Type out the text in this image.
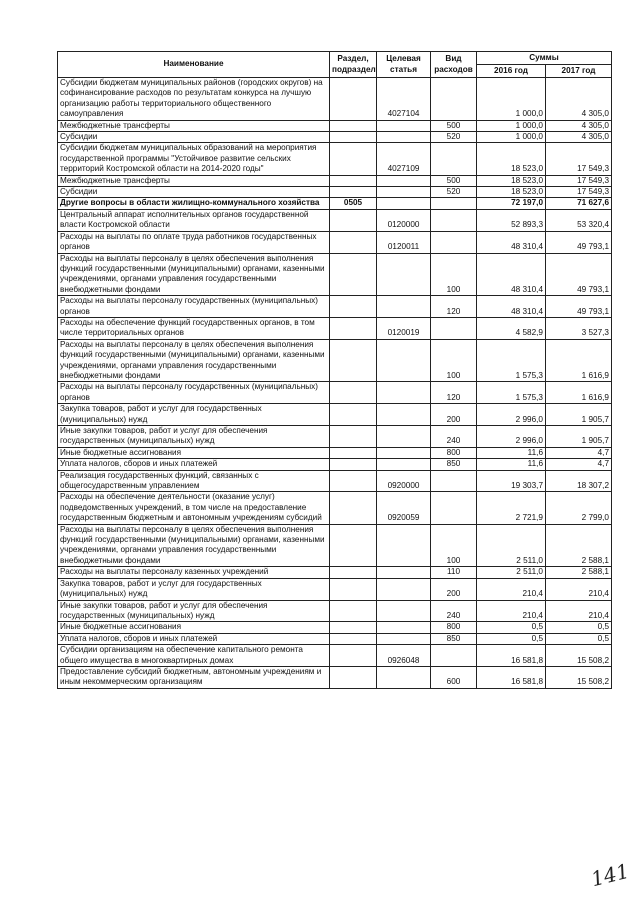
Наименование	Раздел, подраздел	Целевая статья	Вид расходов	Суммы	
				2016 год	2017 год
Субсидии бюджетам муниципальных районов (городских округов) на софинансирование расходов по результатам конкурса на лучшую организацию работы территориального общественного самоуправления		4027104		1 000,0	4 305,0
Межбюджетные трансферты			500	1 000,0	4 305,0
Субсидии			520	1 000,0	4 305,0
Субсидии бюджетам муниципальных образований на мероприятия государственной программы "Устойчивое развитие сельских территорий Костромской области на 2014-2020 годы"		4027109		18 523,0	17 549,3
Межбюджетные трансферты			500	18 523,0	17 549,3
Субсидии			520	18 523,0	17 549,3
Другие вопросы в области жилищно-коммунального хозяйства	0505			72 197,0	71 627,6
Центральный аппарат исполнительных органов государственной власти Костромской области		0120000		52 893,3	53 320,4
Расходы на выплаты по оплате труда работников государственных органов		0120011		48 310,4	49 793,1
Расходы на выплаты персоналу в целях обеспечения выполнения функций государственными (муниципальными) органами, казенными учреждениями, органами управления государственными внебюджетными фондами			100	48 310,4	49 793,1
Расходы на выплаты персоналу государственных (муниципальных) органов			120	48 310,4	49 793,1
Расходы на обеспечение функций государственных органов, в том числе территориальных органов		0120019		4 582,9	3 527,3
Расходы на выплаты персоналу в целях обеспечения выполнения функций государственными (муниципальными) органами, казенными учреждениями, органами управления государственными внебюджетными фондами			100	1 575,3	1 616,9
Расходы на выплаты персоналу государственных (муниципальных) органов			120	1 575,3	1 616,9
Закупка товаров, работ и услуг для государственных (муниципальных) нужд			200	2 996,0	1 905,7
Иные закупки товаров, работ и услуг для обеспечения государственных (муниципальных) нужд			240	2 996,0	1 905,7
Иные бюджетные ассигнования			800	11,6	4,7
Уплата налогов, сборов и иных платежей			850	11,6	4,7
Реализация государственных функций, связанных с общегосударственным управлением		0920000		19 303,7	18 307,2
Расходы на обеспечение деятельности (оказание услуг) подведомственных учреждений, в том числе на предоставление государственным бюджетным и автономным учреждениям субсидий		0920059		2 721,9	2 799,0
Расходы на выплаты персоналу в целях обеспечения выполнения функций государственными (муниципальными) органами, казенными учреждениями, органами управления государственными внебюджетными фондами			100	2 511,0	2 588,1
Расходы на выплаты персоналу казенных учреждений			110	2 511,0	2 588,1
Закупка товаров, работ и услуг для государственных (муниципальных) нужд			200	210,4	210,4
Иные закупки товаров, работ и услуг для обеспечения государственных (муниципальных) нужд			240	210,4	210,4
Иные бюджетные ассигнования			800	0,5	0,5
Уплата налогов, сборов и иных платежей			850	0,5	0,5
Субсидии организациям на обеспечение капитального ремонта общего имущества в многоквартирных домах		0926048		16 581,8	15 508,2
Предоставление субсидий бюджетным, автономным учреждениям и иным некоммерческим организациям			600	16 581,8	15 508,2
141
